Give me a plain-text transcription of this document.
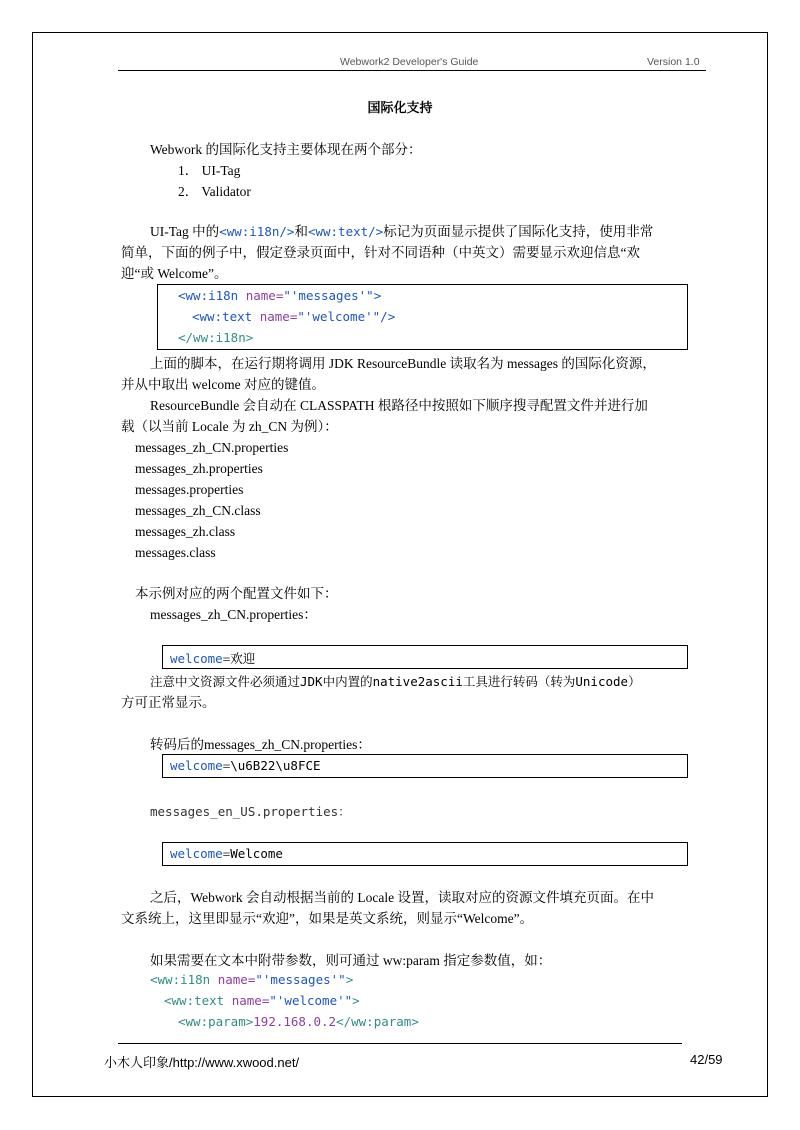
Webwork2 Developer's Guide	Version 1.0
国际化支持
Webwork 的国际化支持主要体现在两个部分：
1． UI-Tag
2． Validator
UI-Tag 中的<ww:i18n/>和<ww:text/>标记为页面显示提供了国际化支持，使用非常
简单，下面的例子中，假定登录页面中，针对不同语种（中英文）需要显示欢迎信息“欢
迎“或 Welcome”。
<ww:i18n name="'messages'">
<ww:text name="'welcome'"/>
</ww:i18n>
上面的脚本，在运行期将调用 JDK ResourceBundle 读取名为 messages 的国际化资源，
并从中取出 welcome 对应的键值。
ResourceBundle 会自动在 CLASSPATH 根路径中按照如下顺序搜寻配置文件并进行加
载（以当前 Locale 为 zh_CN 为例）：
messages_zh_CN.properties
messages_zh.properties
messages.properties
messages_zh_CN.class
messages_zh.class
messages.class
本示例对应的两个配置文件如下：
messages_zh_CN.properties：
welcome=欢迎
注意中文资源文件必须通过JDK中内置的native2ascii工具进行转码（转为Unicode）
方可正常显示。
转码后的messages_zh_CN.properties：
welcome=\u6B22\u8FCE
messages_en_US.properties：
welcome=Welcome
之后，Webwork 会自动根据当前的 Locale 设置，读取对应的资源文件填充页面。在中
文系统上，这里即显示“欢迎”，如果是英文系统，则显示“Welcome”。
如果需要在文本中附带参数，则可通过 ww:param 指定参数值，如：
<ww:i18n name="'messages'">
<ww:text name="'welcome'">
<ww:param>192.168.0.2</ww:param>
小木人印象/http://www.xwood.net/	42/59
